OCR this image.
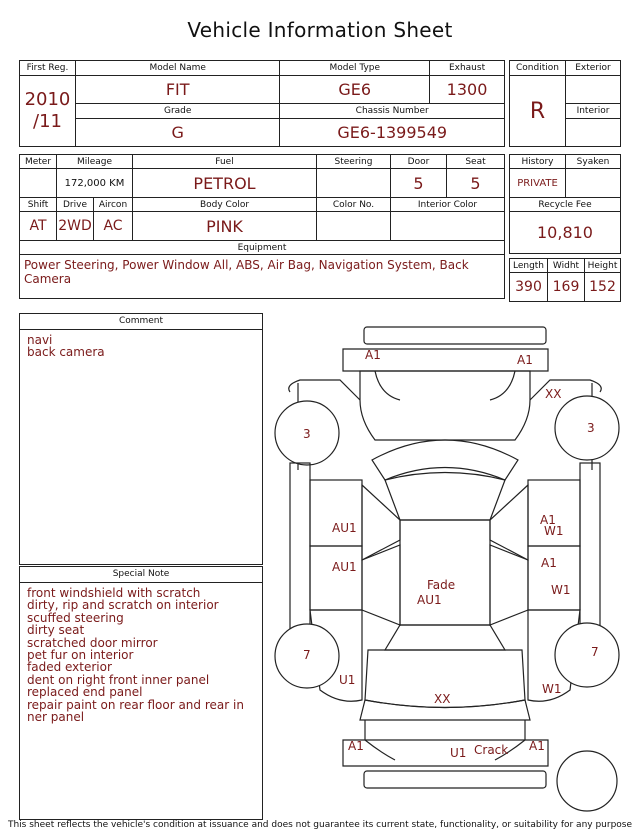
Vehicle Information Sheet
First Reg.	Model Name	Model Type	Exhaust

2010
/11	FIT	GE6	1300
	Grade	Chassis Number	
	G	GE6-1399549	
Meter	Mileage		Fuel	Steering	Door	Seat
	172,000 KM		PETROL		5	5
Shift	Drive	Aircon	Body Color	Color No.	Interior Color	
AT	2WD	AC	PINK			
Equipment						
Power Steering, Power Window All, ABS, Air Bag, Navigation System, Back Camera						
Condition	Exterior
R	
	Interior

History	Syaken
PRIVATE	
Recycle Fee	
10,810	
Length	Widht	Height
390	169	152
Comment
navi
back camera
Special Note
front windshield with scratch
dirty, rip and scratch on interior
scuffed steering
dirty seat
scratched door mirror
pet fur on interior
faded exterior
dent on right front inner panel
replaced end panel
repair paint on rear floor and rear in
ner panel
A1	A1
XX
3	3
AU1
AU1
A1
W1
A1
W1
Fade
AU1
7	7
U1
W1
XX
A1	U1 Crack A1
This sheet reflects the vehicle's condition at issuance and does not guarantee its current state, functionality, or suitability for any purpose
